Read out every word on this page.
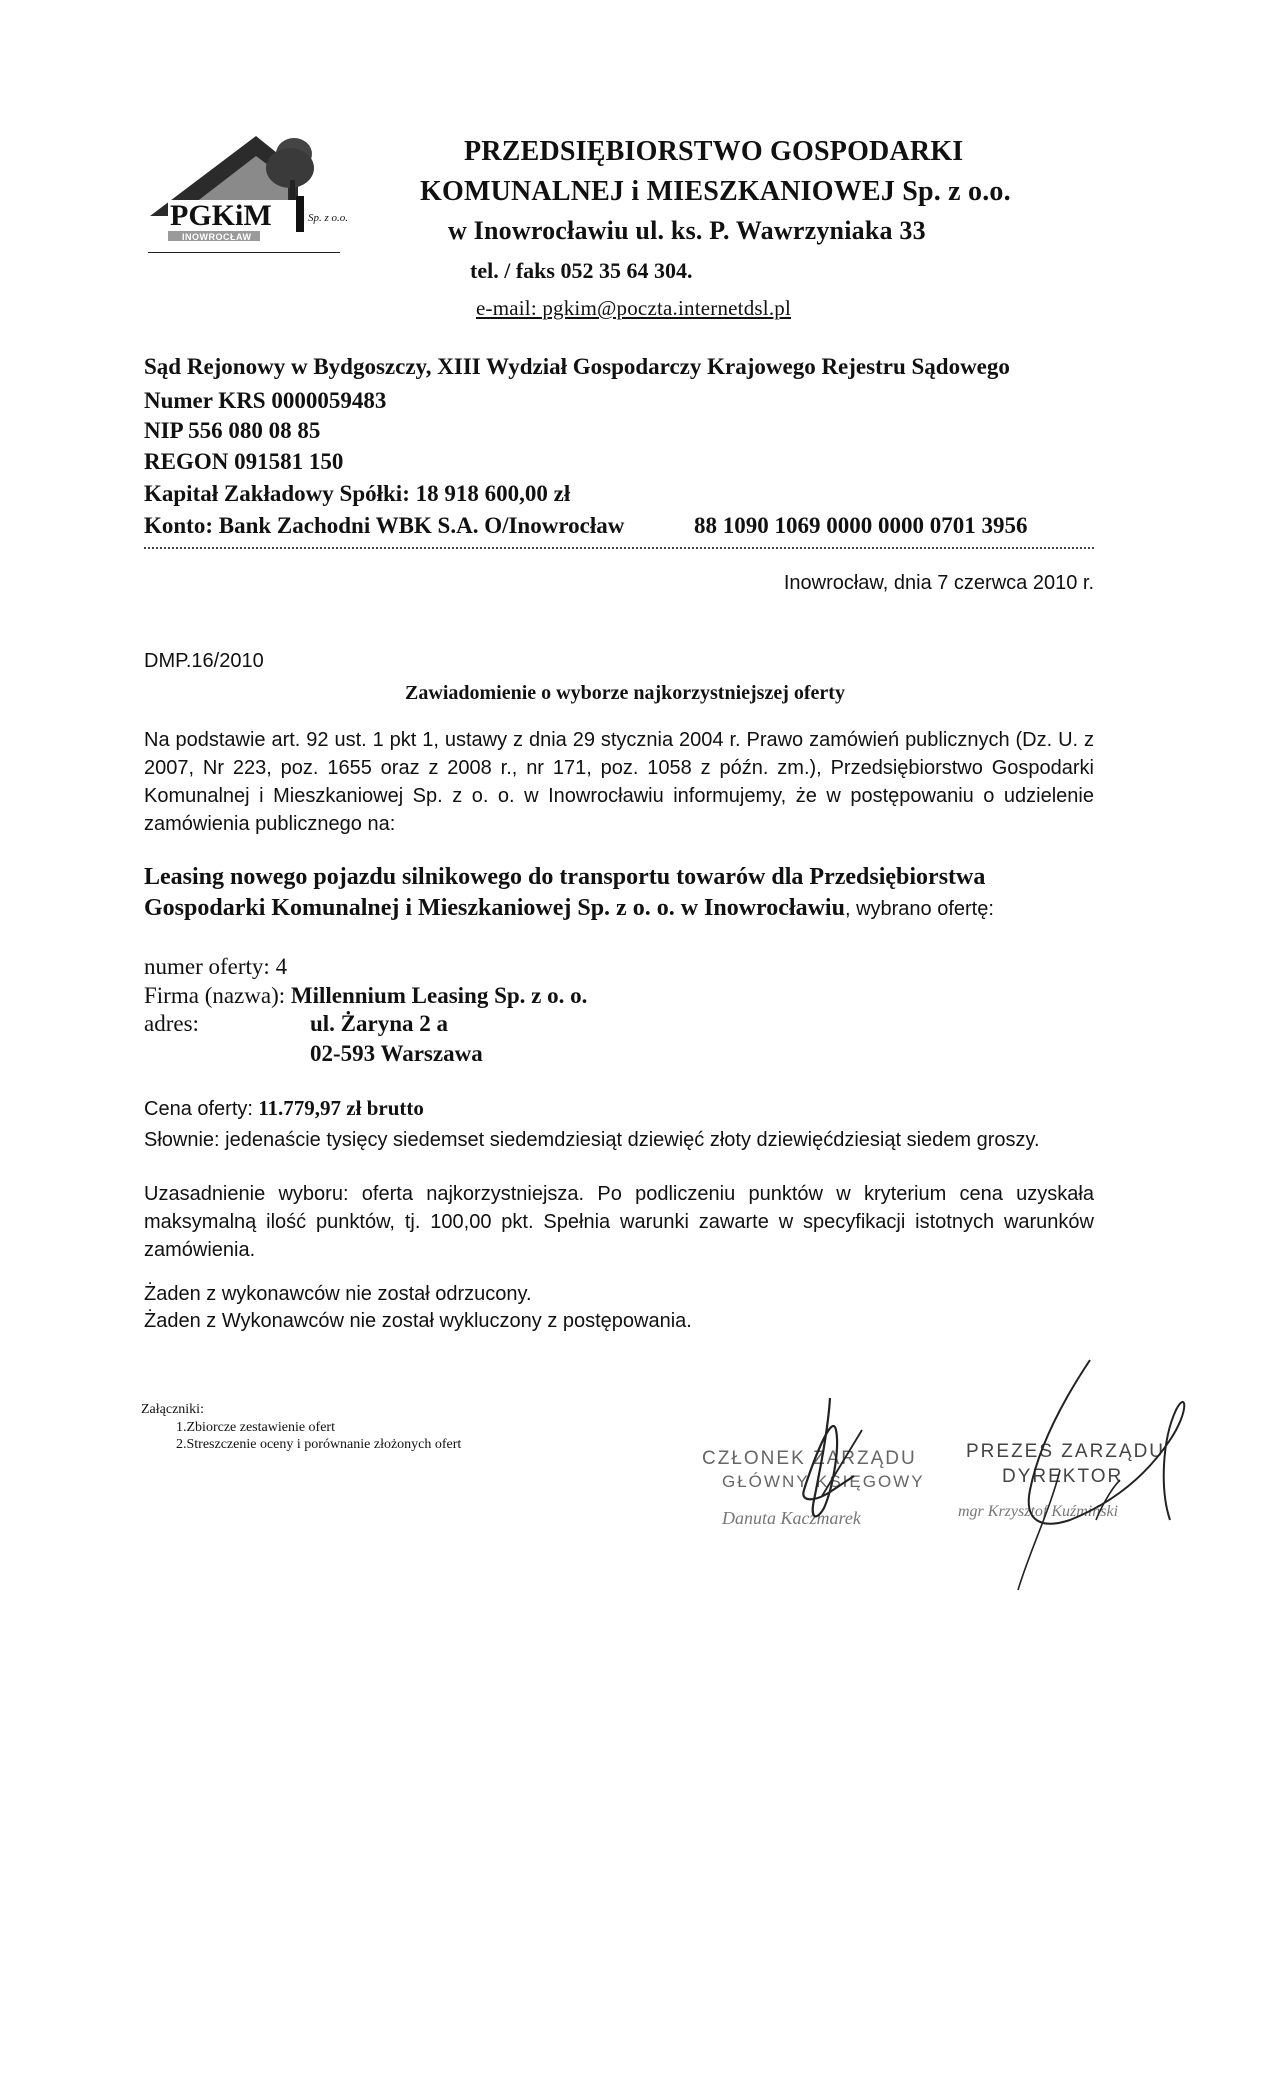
PGKiM	Sp. z o.o.
INOWROCŁAW
PRZEDSIĘBIORSTWO GOSPODARKI
KOMUNALNEJ i MIESZKANIOWEJ Sp. z o.o.
w Inowrocławiu ul. ks. P. Wawrzyniaka 33
tel. / faks 052 35 64 304.
e-mail: pgkim@poczta.internetdsl.pl
Sąd Rejonowy w Bydgoszczy, XIII Wydział Gospodarczy Krajowego Rejestru Sądowego
Numer KRS 0000059483
NIP 556 080 08 85
REGON 091581 150
Kapitał Zakładowy Spółki: 18 918 600,00 zł
Konto: Bank Zachodni WBK S.A. O/Inowrocław	88 1090 1069 0000 0000 0701 3956
Inowrocław, dnia 7 czerwca 2010 r.
DMP.16/2010
Zawiadomienie o wyborze najkorzystniejszej oferty
Na podstawie art. 92 ust. 1 pkt 1, ustawy z dnia 29 stycznia 2004 r. Prawo zamówień publicznych (Dz. U. z 2007, Nr 223, poz. 1655 oraz z 2008 r., nr 171, poz. 1058 z późn. zm.), Przedsiębiorstwo Gospodarki Komunalnej i Mieszkaniowej Sp. z o. o. w Inowrocławiu informujemy, że w postępowaniu o udzielenie zamówienia publicznego na:
Leasing nowego pojazdu silnikowego do transportu towarów dla Przedsiębiorstwa Gospodarki Komunalnej i Mieszkaniowej Sp. z o. o. w Inowrocławiu, wybrano ofertę:
numer oferty: 4
Firma (nazwa): Millennium Leasing Sp. z o. o.
adres:	ul. Żaryna 2 a
02-593 Warszawa
Cena oferty: 11.779,97 zł brutto
Słownie: jedenaście tysięcy siedemset siedemdziesiąt dziewięć złoty dziewięćdziesiąt siedem groszy.
Uzasadnienie wyboru: oferta najkorzystniejsza. Po podliczeniu punktów w kryterium cena uzyskała maksymalną ilość punktów, tj. 100,00 pkt. Spełnia warunki zawarte w specyfikacji istotnych warunków zamówienia.
Żaden z wykonawców nie został odrzucony.
Żaden z Wykonawców nie został wykluczony z postępowania.
Załączniki:
1.Zbiorcze zestawienie ofert
2.Streszczenie oceny i porównanie złożonych ofert
CZŁONEK ZARZĄDU
GŁÓWNY KSIĘGOWY
Danuta Kaczmarek
PREZES ZARZĄDU
DYREKTOR
mgr Krzysztof Kuźmiński
